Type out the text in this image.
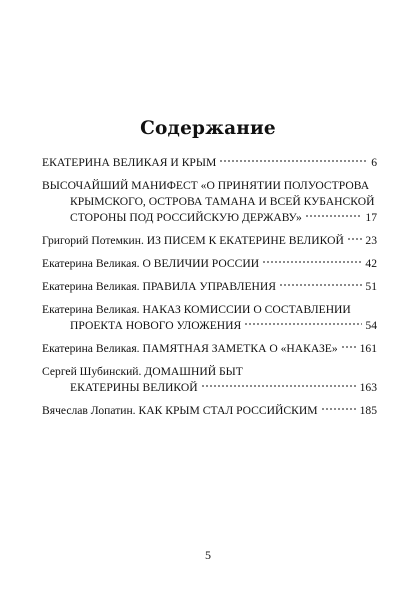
Содержание
ЕКАТЕРИНА ВЕЛИКАЯ И КРЫМ	6
ВЫСОЧАЙШИЙ МАНИФЕСТ «О ПРИНЯТИИ ПОЛУОСТРОВА
КРЫМСКОГО, ОСТРОВА ТАМАНА И ВСЕЙ КУБАНСКОЙ
СТОРОНЫ ПОД РОССИЙСКУЮ ДЕРЖАВУ»	17
Григорий Потемкин. ИЗ ПИСЕМ К ЕКАТЕРИНЕ ВЕЛИКОЙ 23
Екатерина Великая. О ВЕЛИЧИИ РОССИИ	42
Екатерина Великая. ПРАВИЛА УПРАВЛЕНИЯ	51
Екатерина Великая. НАКАЗ КОМИССИИ О СОСТАВЛЕНИИ
ПРОЕКТА НОВОГО УЛОЖЕНИЯ	54
Екатерина Великая. ПАМЯТНАЯ ЗАМЕТКА О «НАКАЗЕ» 161
Сергей Шубинский. ДОМАШНИЙ БЫТ
ЕКАТЕРИНЫ ВЕЛИКОЙ	163
Вячеслав Лопатин. КАК КРЫМ СТАЛ РОССИЙСКИМ	185
5
